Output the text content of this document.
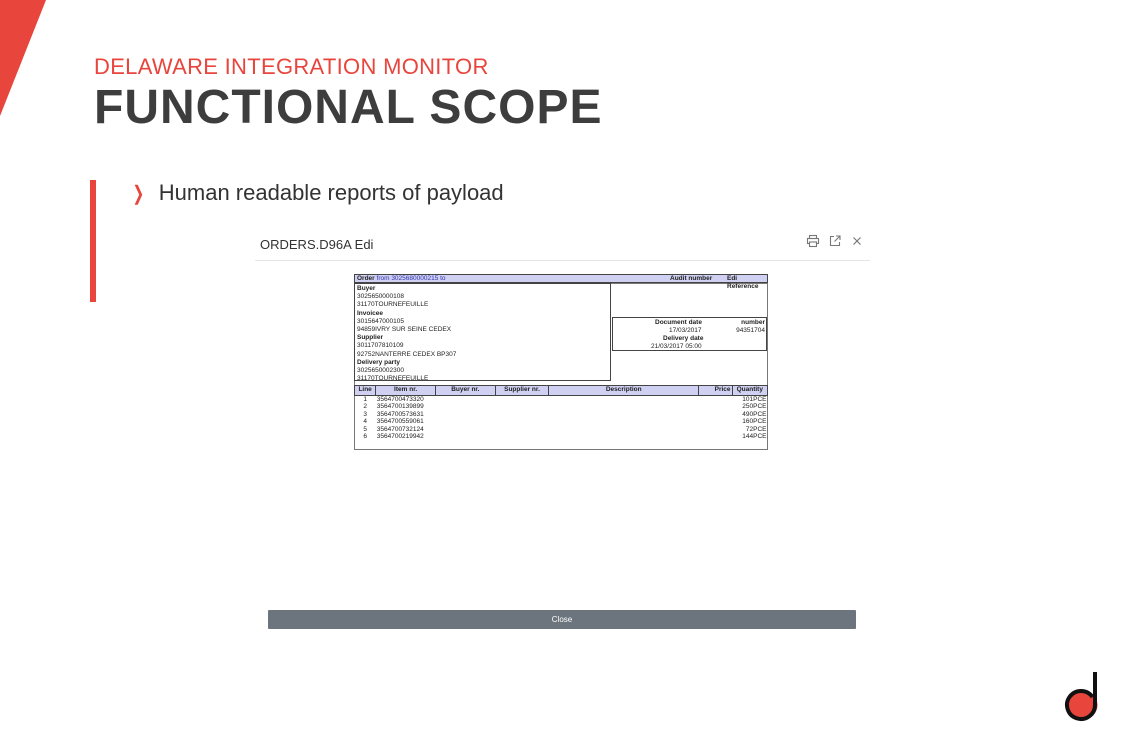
DELAWARE INTEGRATION MONITOR
FUNCTIONAL SCOPE
❯ Human readable reports of payload
ORDERS.D96A Edi
Order from 3025680000215 to	Audit number Edi Reference
Buyer
3025650000108
31170TOURNEFEUILLE
Invoicee
3015647000105
94859IVRY SUR SEINE CEDEX
Supplier
3011707810109
92752NANTERRE CEDEX BP307
Delivery party
3025650002300
31170TOURNEFEUILLE
Document date	number
17/03/2017	94351704
Delivery date
21/03/2017 05:00
Line	Item nr.	Buyer nr.	Supplier nr.	Description	Price	Quantity
1	3564700473320					101PCE
2	3564700139899					250PCE
3	3564700573631					490PCE
4	3564700559061					160PCE
5	3564700732124					72PCE
6	3564700219942					144PCE
Close
